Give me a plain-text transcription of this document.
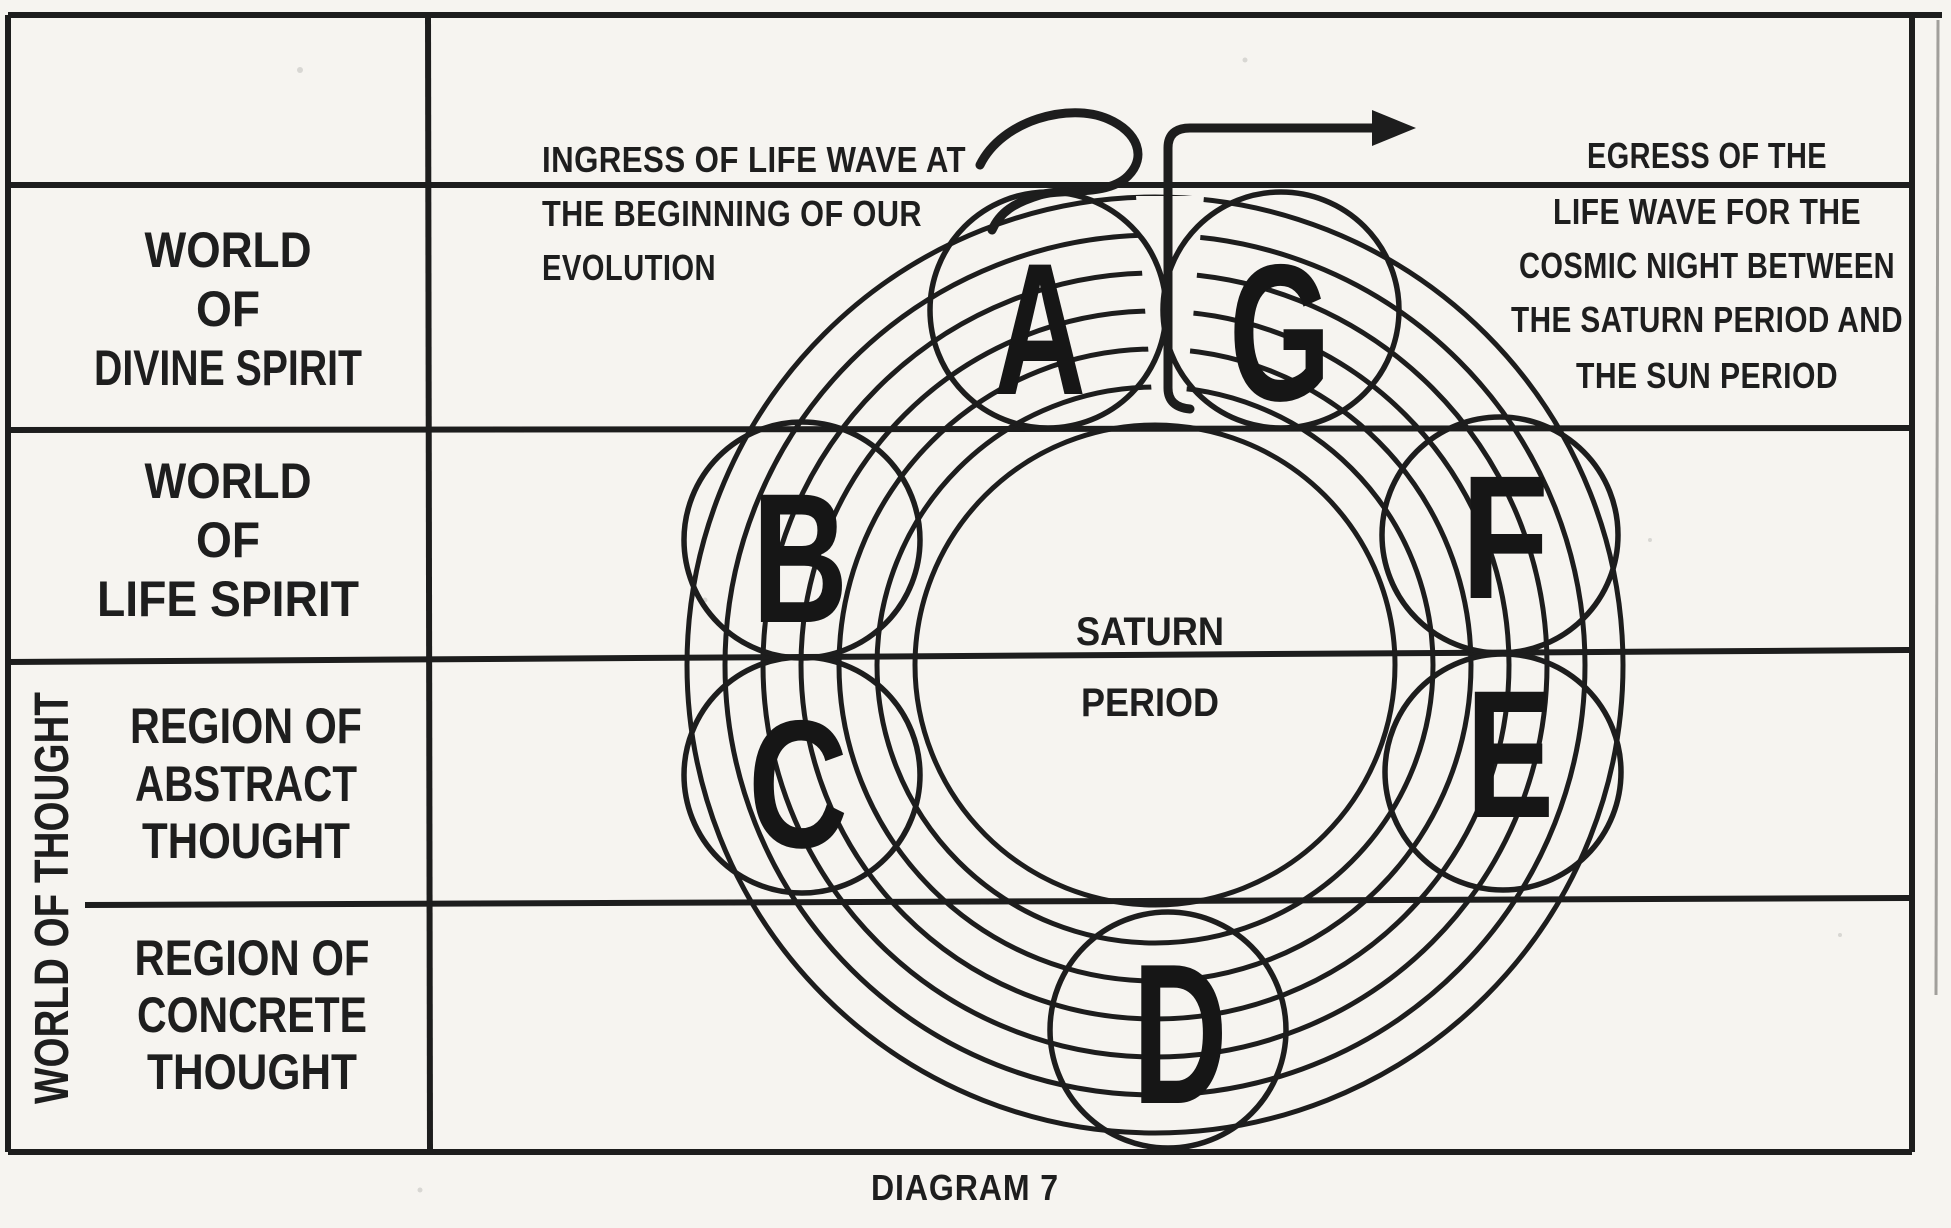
A
B
C
D
E
F
G
INGRESS OF LIFE WAVE AT
THE BEGINNING OF OUR
EVOLUTION
EGRESS OF THE
LIFE WAVE FOR THE
COSMIC NIGHT BETWEEN
THE SATURN PERIOD AND
THE SUN PERIOD
SATURN
PERIOD
WORLD
OF
DIVINE SPIRIT
WORLD
OF
LIFE SPIRIT
REGION OF
ABSTRACT
THOUGHT
REGION OF
CONCRETE
THOUGHT
WORLD OF THOUGHT
DIAGRAM 7
